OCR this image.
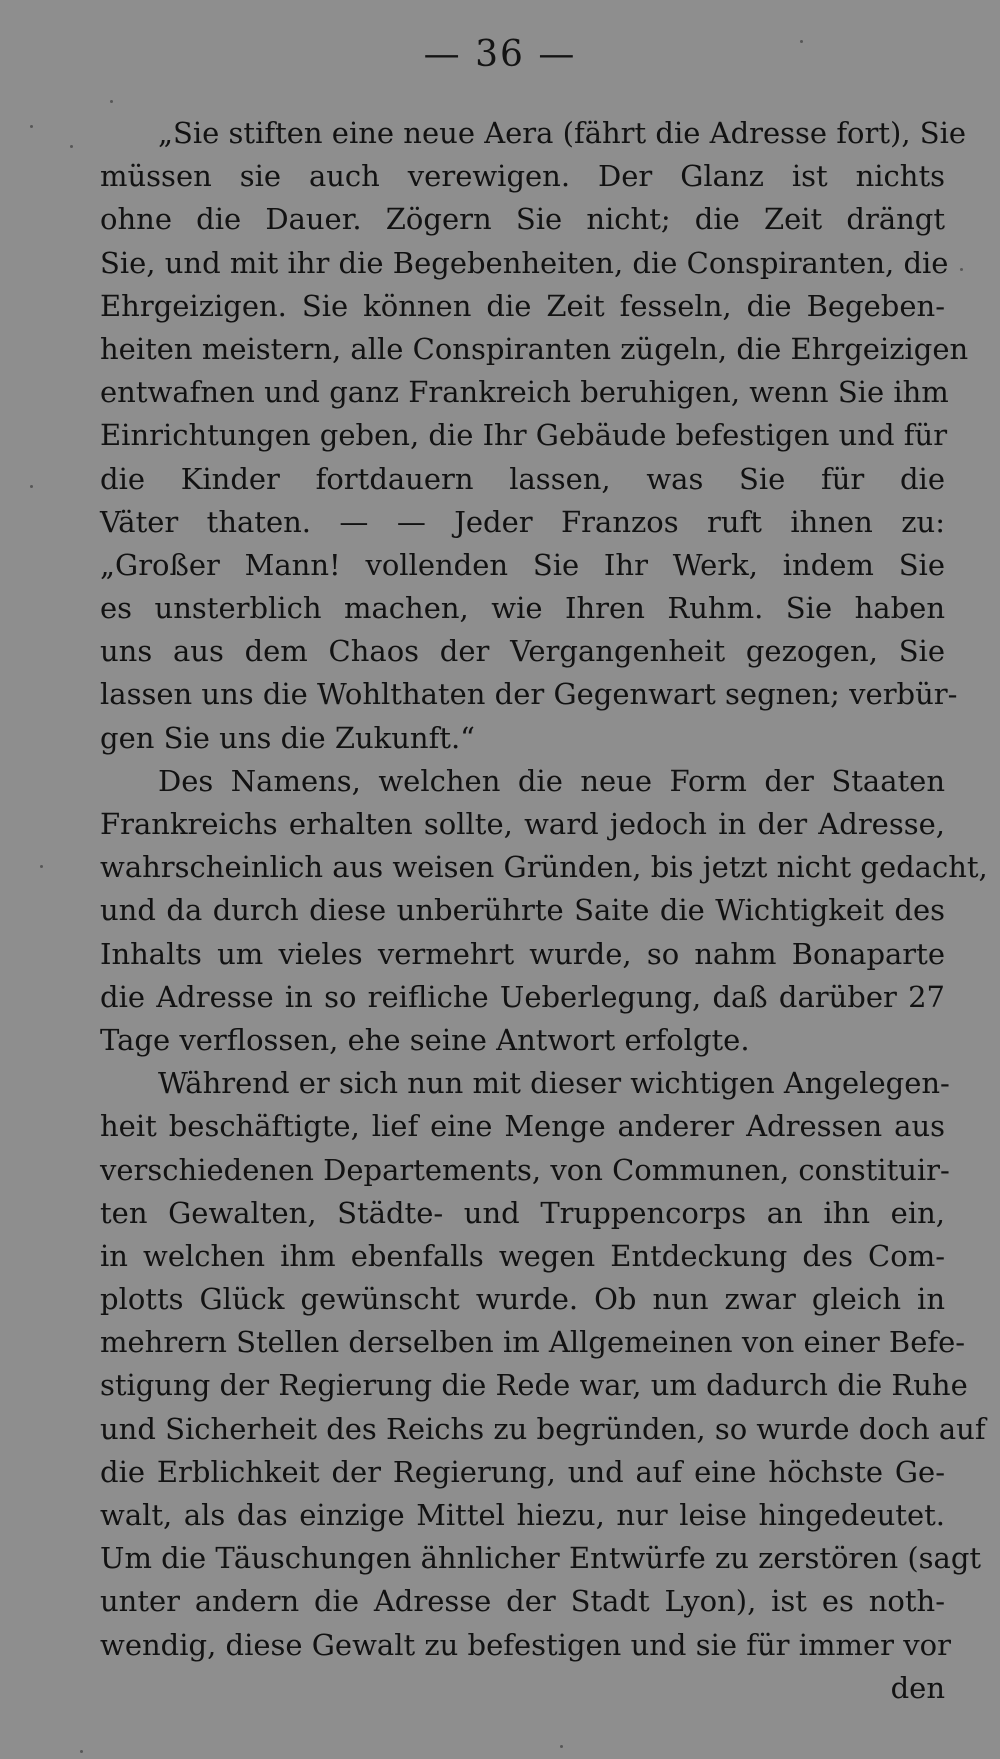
— 36 —
„Sie stiften eine neue Aera (fährt die Adresse fort), Sie
müssen sie auch verewigen. Der Glanz ist nichts
ohne die Dauer. Zögern Sie nicht; die Zeit drängt
Sie, und mit ihr die Begebenheiten, die Conspiranten, die
Ehrgeizigen. Sie können die Zeit fesseln, die Begeben-
heiten meistern, alle Conspiranten zügeln, die Ehrgeizigen
entwafnen und ganz Frankreich beruhigen, wenn Sie ihm
Einrichtungen geben, die Ihr Gebäude befestigen und für
die Kinder fortdauern lassen, was Sie für die
Väter thaten. — — Jeder Franzos ruft ihnen zu:
„Großer Mann! vollenden Sie Ihr Werk, indem Sie
es unsterblich machen, wie Ihren Ruhm. Sie haben
uns aus dem Chaos der Vergangenheit gezogen, Sie
lassen uns die Wohlthaten der Gegenwart segnen; verbür-
gen Sie uns die Zukunft.“
Des Namens, welchen die neue Form der Staaten
Frankreichs erhalten sollte, ward jedoch in der Adresse,
wahrscheinlich aus weisen Gründen, bis jetzt nicht gedacht,
und da durch diese unberührte Saite die Wichtigkeit des
Inhalts um vieles vermehrt wurde, so nahm Bonaparte
die Adresse in so reifliche Ueberlegung, daß darüber 27
Tage verflossen, ehe seine Antwort erfolgte.
Während er sich nun mit dieser wichtigen Angelegen-
heit beschäftigte, lief eine Menge anderer Adressen aus
verschiedenen Departements, von Communen, constituir-
ten Gewalten, Städte- und Truppencorps an ihn ein,
in welchen ihm ebenfalls wegen Entdeckung des Com-
plotts Glück gewünscht wurde. Ob nun zwar gleich in
mehrern Stellen derselben im Allgemeinen von einer Befe-
stigung der Regierung die Rede war, um dadurch die Ruhe
und Sicherheit des Reichs zu begründen, so wurde doch auf
die Erblichkeit der Regierung, und auf eine höchste Ge-
walt, als das einzige Mittel hiezu, nur leise hingedeutet.
Um die Täuschungen ähnlicher Entwürfe zu zerstören (sagt
unter andern die Adresse der Stadt Lyon), ist es noth-
wendig, diese Gewalt zu befestigen und sie für immer vor
den
